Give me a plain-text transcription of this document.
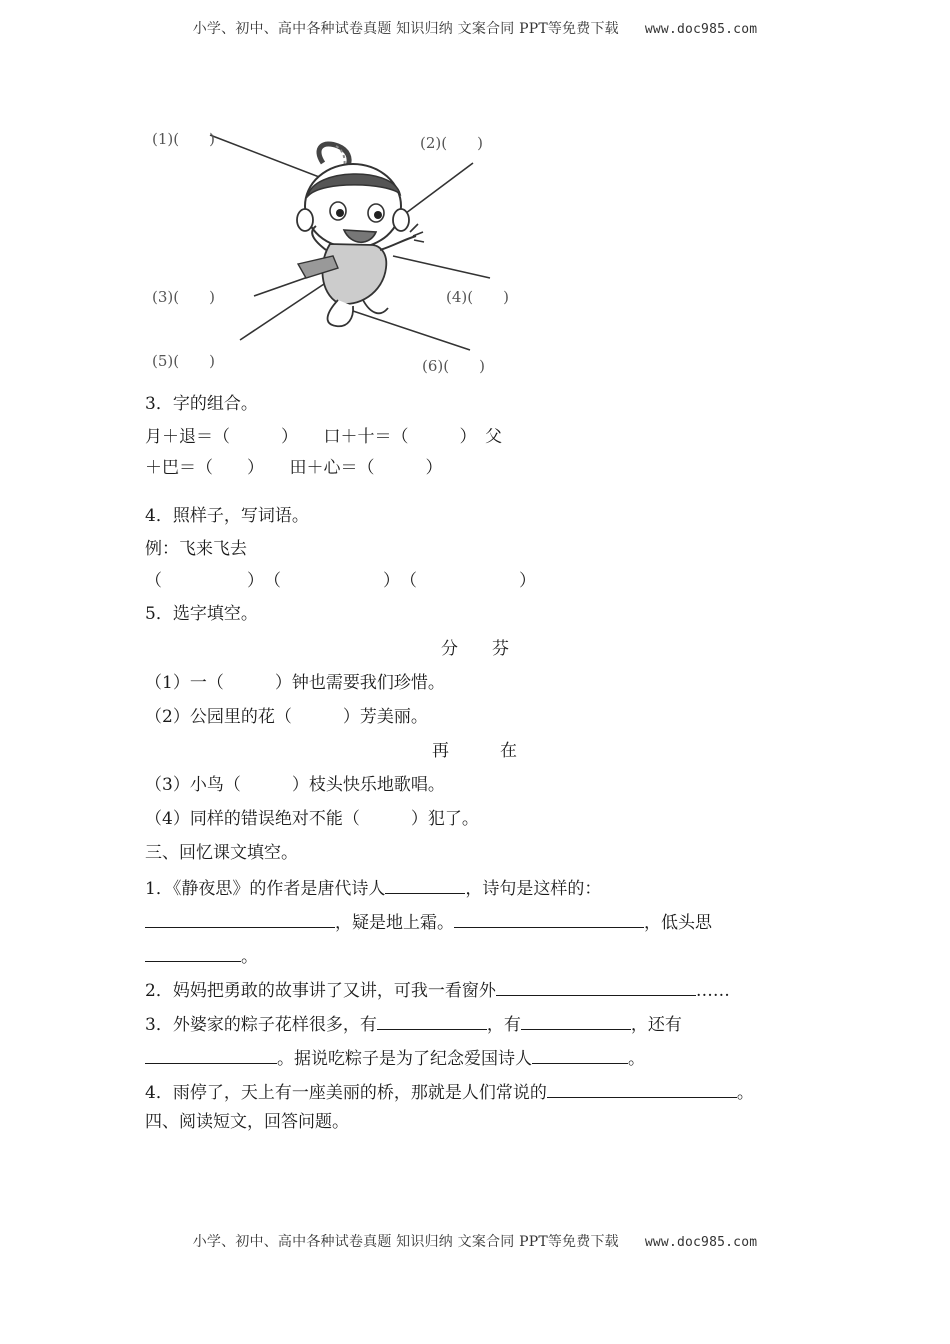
小学、初中、高中各种试卷真题 知识归纳 文案合同 PPT等免费下载 www.doc985.com
(1)(　　)	(2)(　　)
(3)(　　)	(4)(　　)
(5)(　　)	(6)(　　)
3．字的组合。
月＋退＝（　　　）　　口＋十＝（　　　）　父
＋巴＝（　　）　　田＋心＝（　　　）
4．照样子，写词语。
例：飞来飞去
（　　　　　）　（　　　　　　）　（　　　　　　）
5．选字填空。
分　　芬
（1）一（　　　）钟也需要我们珍惜。
（2）公园里的花（　　　）芳美丽。
再　　　在
（3）小鸟（　　　）枝头快乐地歌唱。
（4）同样的错误绝对不能（　　　）犯了。
三、回忆课文填空。
1．《静夜思》的作者是唐代诗人	，诗句是这样的：
，疑是地上霜。	，低头思
。
2．妈妈把勇敢的故事讲了又讲，可我一看窗外	……
3．外婆家的粽子花样很多，有	，有	，还有
。据说吃粽子是为了纪念爱国诗人	。
4．雨停了，天上有一座美丽的桥，那就是人们常说的	。
四、阅读短文，回答问题。
小学、初中、高中各种试卷真题 知识归纳 文案合同 PPT等免费下载 www.doc985.com
